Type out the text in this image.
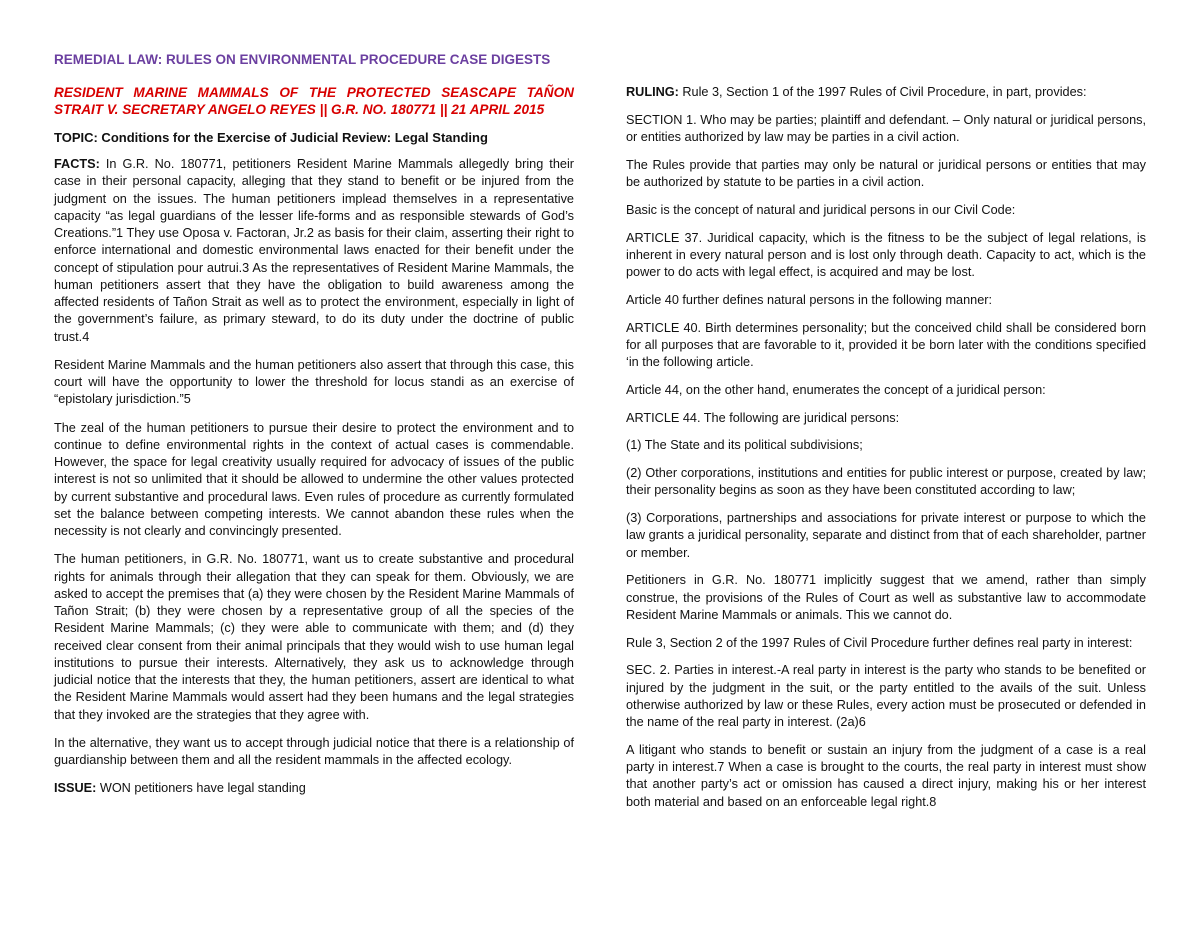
REMEDIAL LAW: RULES ON ENVIRONMENTAL PROCEDURE CASE DIGESTS

RESIDENT MARINE MAMMALS OF THE PROTECTED SEASCAPE TAÑON STRAIT V. SECRETARY ANGELO REYES || G.R. NO. 180771 || 21 APRIL 2015

TOPIC: Conditions for the Exercise of Judicial Review: Legal Standing

FACTS: In G.R. No. 180771, petitioners Resident Marine Mammals allegedly bring their case in their personal capacity, alleging that they stand to benefit or be injured from the judgment on the issues. The human petitioners implead themselves in a representative capacity “as legal guardians of the lesser life-forms and as responsible stewards of God’s Creations.”1 They use Oposa v. Factoran, Jr.2 as basis for their claim, asserting their right to enforce international and domestic environmental laws enacted for their benefit under the concept of stipulation pour autrui.3 As the representatives of Resident Marine Mammals, the human petitioners assert that they have the obligation to build awareness among the affected residents of Tañon Strait as well as to protect the environment, especially in light of the government’s failure, as primary steward, to do its duty under the doctrine of public trust.4

Resident Marine Mammals and the human petitioners also assert that through this case, this court will have the opportunity to lower the threshold for locus standi as an exercise of “epistolary jurisdiction.”5

The zeal of the human petitioners to pursue their desire to protect the environment and to continue to define environmental rights in the context of actual cases is commendable. However, the space for legal creativity usually required for advocacy of issues of the public interest is not so unlimited that it should be allowed to undermine the other values protected by current substantive and procedural laws. Even rules of procedure as currently formulated set the balance between competing interests. We cannot abandon these rules when the necessity is not clearly and convincingly presented.

The human petitioners, in G.R. No. 180771, want us to create substantive and procedural rights for animals through their allegation that they can speak for them. Obviously, we are asked to accept the premises that (a) they were chosen by the Resident Marine Mammals of Tañon Strait; (b) they were chosen by a representative group of all the species of the Resident Marine Mammals; (c) they were able to communicate with them; and (d) they received clear consent from their animal principals that they would wish to use human legal institutions to pursue their interests. Alternatively, they ask us to acknowledge through judicial notice that the interests that they, the human petitioners, assert are identical to what the Resident Marine Mammals would assert had they been humans and the legal strategies that they invoked are the strategies that they agree with.

In the alternative, they want us to accept through judicial notice that there is a relationship of guardianship between them and all the resident mammals in the affected ecology.

ISSUE: WON petitioners have legal standing

RULING: Rule 3, Section 1 of the 1997 Rules of Civil Procedure, in part, provides:

SECTION 1. Who may be parties; plaintiff and defendant. – Only natural or juridical persons, or entities authorized by law may be parties in a civil action.

The Rules provide that parties may only be natural or juridical persons or entities that may be authorized by statute to be parties in a civil action.

Basic is the concept of natural and juridical persons in our Civil Code:

ARTICLE 37. Juridical capacity, which is the fitness to be the subject of legal relations, is inherent in every natural person and is lost only through death. Capacity to act, which is the power to do acts with legal effect, is acquired and may be lost.

Article 40 further defines natural persons in the following manner:

ARTICLE 40. Birth determines personality; but the conceived child shall be considered born for all purposes that are favorable to it, provided it be born later with the conditions specified ‘in the following article.

Article 44, on the other hand, enumerates the concept of a juridical person:

ARTICLE 44. The following are juridical persons:

(1) The State and its political subdivisions;

(2) Other corporations, institutions and entities for public interest or purpose, created by law; their personality begins as soon as they have been constituted according to law;

(3) Corporations, partnerships and associations for private interest or purpose to which the law grants a juridical personality, separate and distinct from that of each shareholder, partner or member.

Petitioners in G.R. No. 180771 implicitly suggest that we amend, rather than simply construe, the provisions of the Rules of Court as well as substantive law to accommodate Resident Marine Mammals or animals. This we cannot do.

Rule 3, Section 2 of the 1997 Rules of Civil Procedure further defines real party in interest:

SEC. 2. Parties in interest.-A real party in interest is the party who stands to be benefited or injured by the judgment in the suit, or the party entitled to the avails of the suit. Unless otherwise authorized by law or these Rules, every action must be prosecuted or defended in the name of the real party in interest. (2a)6

A litigant who stands to benefit or sustain an injury from the judgment of a case is a real party in interest.7 When a case is brought to the courts, the real party in interest must show that another party’s act or omission has caused a direct injury, making his or her interest both material and based on an enforceable legal right.8
